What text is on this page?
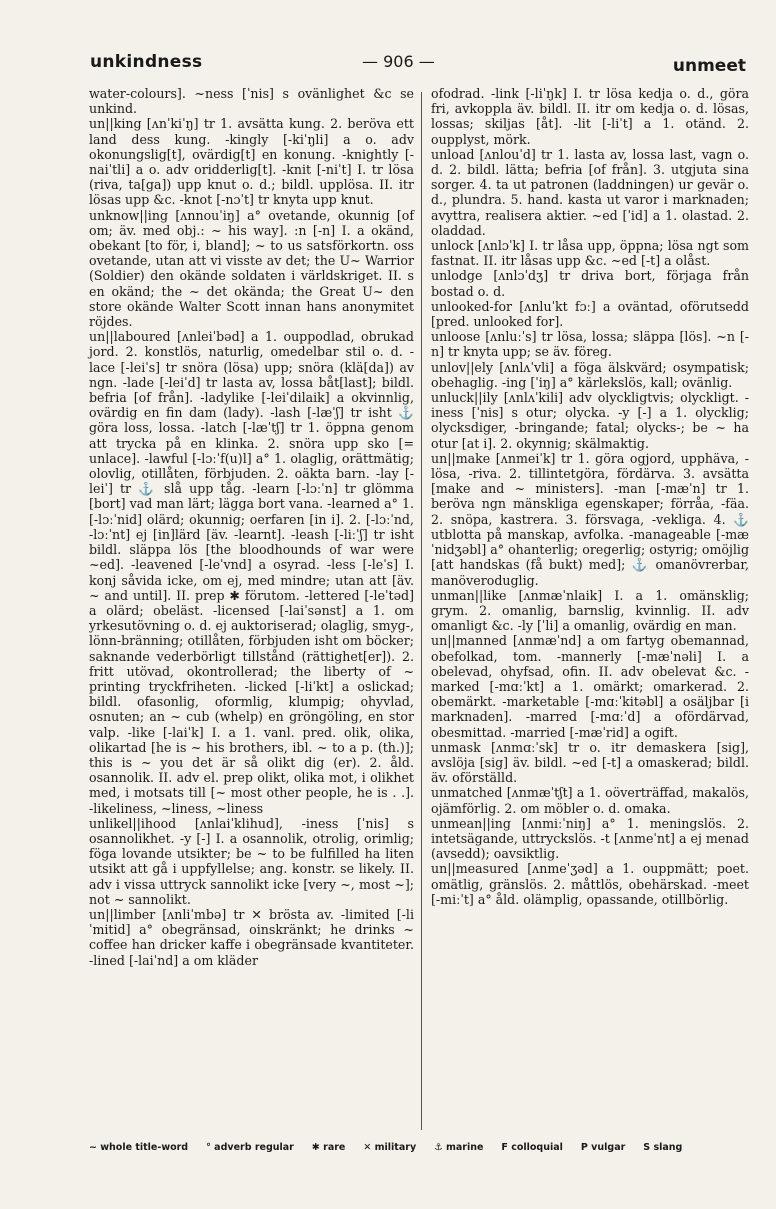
unkindness	— 906 —	unmeet

water-colours]. ~ness [ˈnis] s ovänlighet &c se unkind.

un||king [ʌnˈkiˈŋ] tr 1. avsätta kung. 2. beröva ett land dess kung. -kingly [-kiˈŋli] a o. adv okonungslig[t], ovärdig[t] en konung. -knightly [-naiˈtli] a o. adv oridderlig[t]. -knit [-niˈt] I. tr lösa (riva, ta[ga]) upp knut o. d.; bildl. upplösa. II. itr lösas upp &c. -knot [-nɔˈt] tr knyta upp knut.

unknow||ing [ʌnnouˈiŋ] a° ovetande, okunnig [of om; äv. med obj.: ~ his way]. :n [-n] I. a okänd, obekant [to för, i, bland]; ~ to us satsförkortn. oss ovetande, utan att vi visste av det; the U~ Warrior (Soldier) den okände soldaten i världskriget. II. s en okänd; the ~ det okända; the Great U~ den store okände Walter Scott innan hans anonymitet röjdes.

un||laboured [ʌnleiˈbəd] a 1. ouppodlad, obrukad jord. 2. konstlös, naturlig, omedelbar stil o. d. -lace [-leiˈs] tr snöra (lösa) upp; snöra (klä[da]) av ngn. -lade [-leiˈd] tr lasta av, lossa båt[last]; bildl. befria [of från]. -ladylike [-leiˈdilaik] a okvinnlig, ovärdig en fin dam (lady). -lash [-læˈʃ] tr isht ⚓ göra loss, lossa. -latch [-læˈtʃ] tr 1. öppna genom att trycka på en klinka. 2. snöra upp sko [= unlace]. -lawful [-lɔːˈf(u)l] a° 1. olaglig, orättmätig; olovlig, otillåten, förbjuden. 2. oäkta barn. -lay [-leiˈ] tr ⚓ slå upp tåg. -learn [-lɔːˈn] tr glömma [bort] vad man lärt; lägga bort vana. -learned a° 1. [-lɔːˈnid] olärd; okunnig; oerfaren [in i]. 2. [-lɔːˈnd, -lɔːˈnt] ej [in]lärd [äv. -learnt]. -leash [-liːˈʃ] tr isht bildl. släppa lös [the bloodhounds of war were ~ed]. -leavened [-leˈvnd] a osyrad. -less [-leˈs] I. konj såvida icke, om ej, med mindre; utan att [äv. ~ and until]. II. prep ✱ förutom. -lettered [-leˈtəd] a olärd; obeläst. -licensed [-laiˈsənst] a 1. om yrkesutövning o. d. ej auktoriserad; olaglig, smyg-, lönn-bränning; otillåten, förbjuden isht om böcker; saknande vederbörligt tillstånd (rättighet[er]). 2. fritt utövad, okontrollerad; the liberty of ~ printing tryckfriheten. -licked [-liˈkt] a oslickad; bildl. ofasonlig, oformlig, klumpig; ohyvlad, osnuten; an ~ cub (whelp) en gröngöling, en stor valp. -like [-laiˈk] I. a 1. vanl. pred. olik, olika, olikartad [he is ~ his brothers, ibl. ~ to a p. (th.)]; this is ~ you det är så olikt dig (er). 2. åld. osannolik. II. adv el. prep olikt, olika mot, i olikhet med, i motsats till [~ most other people, he is . .]. -likeliness, ~liness, ~liness

unlikel||ihood [ʌnlaiˈklihud], -iness [ˈnis] s osannolikhet. -y [-] I. a osannolik, otrolig, orimlig; föga lovande utsikter; be ~ to be fulfilled ha liten utsikt att gå i uppfyllelse; ang. konstr. se likely. II. adv i vissa uttryck sannolikt icke [very ~, most ~]; not ~ sannolikt.

un||limber [ʌnliˈmbə] tr ✕ brösta av. -limited [-liˈmitid] a° obegränsad, oinskränkt; he drinks ~ coffee han dricker kaffe i obegränsade kvantiteter. -lined [-laiˈnd] a om kläder

ofodrad. -link [-liˈŋk] I. tr lösa kedja o. d., göra fri, avkoppla äv. bildl. II. itr om kedja o. d. lösas, lossas; skiljas [åt]. -lit [-liˈt] a 1. otänd. 2. oupplyst, mörk.

unload [ʌnlouˈd] tr 1. lasta av, lossa last, vagn o. d. 2. bildl. lätta; befria [of från]. 3. utgjuta sina sorger. 4. ta ut patronen (laddningen) ur gevär o. d., plundra. 5. hand. kasta ut varor i marknaden; avyttra, realisera aktier. ~ed [ˈid] a 1. olastad. 2. oladdad.

unlock [ʌnlɔˈk] I. tr låsa upp, öppna; lösa ngt som fastnat. II. itr låsas upp &c. ~ed [-t] a olåst.

unlodge [ʌnlɔˈdʒ] tr driva bort, förjaga från bostad o. d.

unlooked-for [ʌnluˈkt fɔː] a oväntad, oförutsedd [pred. unlooked for].

unloose [ʌnluːˈs] tr lösa, lossa; släppa [lös]. ~n [-n] tr knyta upp; se äv. föreg.

unlov||ely [ʌnlʌˈvli] a föga älskvärd; osympatisk; obehaglig. -ing [ˈiŋ] a° kärlekslös, kall; ovänlig.

unluck||ily [ʌnlʌˈkili] adv olyckligtvis; olyckligt. -iness [ˈnis] s otur; olycka. -y [-] a 1. olycklig; olycksdiger, -bringande; fatal; olycks-; be ~ ha otur [at i]. 2. okynnig; skälmaktig.

un||make [ʌnmeiˈk] tr 1. göra ogjord, upphäva, -lösa, -riva. 2. tillintetgöra, fördärva. 3. avsätta [make and ~ ministers]. -man [-mæˈn] tr 1. beröva ngn mänskliga egenskaper; förråa, -fäa. 2. snöpa, kastrera. 3. försvaga, -vekliga. 4. ⚓ utblotta på manskap, avfolka. -manageable [-mæˈnidʒəbl] a° ohanterlig; oregerlig; ostyrig; omöjlig [att handskas (få bukt) med]; ⚓ omanövrerbar, manöveroduglig.

unman||like [ʌnmæˈnlaik] I. a 1. omänsklig; grym. 2. omanlig, barnslig, kvinnlig. II. adv omanligt &c. -ly [ˈli] a omanlig, ovärdig en man.

un||manned [ʌnmæˈnd] a om fartyg obemannad, obefolkad, tom. -mannerly [-mæˈnəli] I. a obelevad, ohyfsad, ofin. II. adv obelevat &c. -marked [-mɑːˈkt] a 1. omärkt; omarkerad. 2. obemärkt. -marketable [-mɑːˈkitəbl] a osäljbar [i marknaden]. -marred [-mɑːˈd] a ofördärvad, obesmittad. -married [-mæˈrid] a ogift.

unmask [ʌnmɑːˈsk] tr o. itr demaskera [sig], avslöja [sig] äv. bildl. ~ed [-t] a omaskerad; bildl. äv. oförställd.

unmatched [ʌnmæˈtʃt] a 1. oöverträffad, makalös, ojämförlig. 2. om möbler o. d. omaka.

unmean||ing [ʌnmiːˈniŋ] a° 1. meningslös. 2. intetsägande, uttryckslös. -t [ʌnmeˈnt] a ej menad (avsedd); oavsiktlig.

un||measured [ʌnmeˈʒəd] a 1. ouppmätt; poet. omätlig, gränslös. 2. måttlös, obehärskad. -meet [-miːˈt] a° åld. olämplig, opassande, otillbörlig.

~ whole title-word ° adverb regular ✱ rare ✕ military ⚓ marine F colloquial P vulgar S slang
